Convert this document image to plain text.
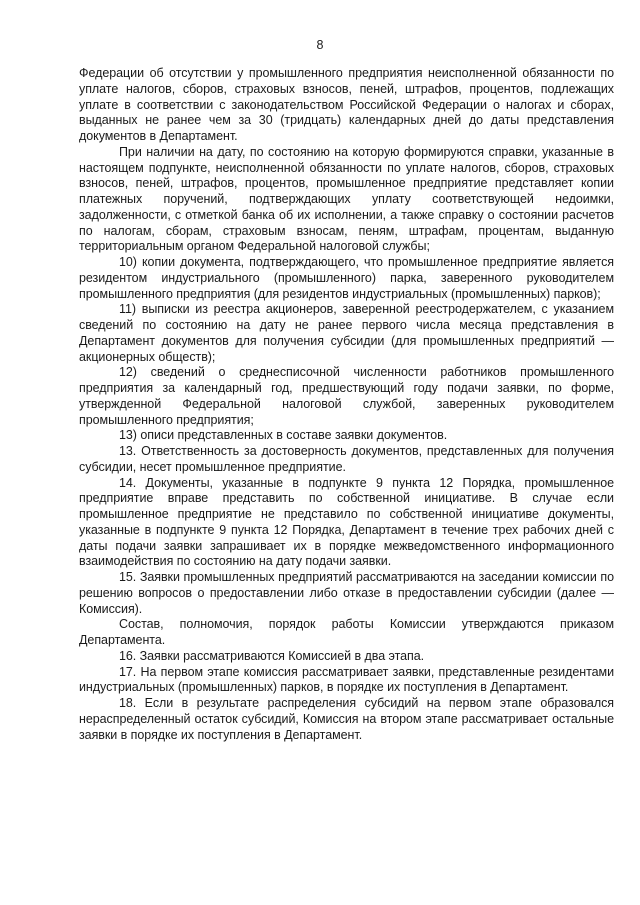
8

Федерации об отсутствии у промышленного предприятия неисполненной обязанности по уплате налогов, сборов, страховых взносов, пеней, штрафов, процентов, подлежащих уплате в соответствии с законодательством Российской Федерации о налогах и сборах, выданных не ранее чем за 30 (тридцать) календарных дней до даты представления документов в Департамент.

При наличии на дату, по состоянию на которую формируются справки, указанные в настоящем подпункте, неисполненной обязанности по уплате налогов, сборов, страховых взносов, пеней, штрафов, процентов, промышленное предприятие представляет копии платежных поручений, подтверждающих уплату соответствующей недоимки, задолженности, с отметкой банка об их исполнении, а также справку о состоянии расчетов по налогам, сборам, страховым взносам, пеням, штрафам, процентам, выданную территориальным органом Федеральной налоговой службы;

10) копии документа, подтверждающего, что промышленное предприятие является резидентом индустриального (промышленного) парка, заверенного руководителем промышленного предприятия (для резидентов индустриальных (промышленных) парков);

11) выписки из реестра акционеров, заверенной реестродержателем, с указанием сведений по состоянию на дату не ранее первого числа месяца представления в Департамент документов для получения субсидии (для промышленных предприятий — акционерных обществ);

12) сведений о среднесписочной численности работников промышленного предприятия за календарный год, предшествующий году подачи заявки, по форме, утвержденной Федеральной налоговой службой, заверенных руководителем промышленного предприятия;

13) описи представленных в составе заявки документов.

13. Ответственность за достоверность документов, представленных для получения субсидии, несет промышленное предприятие.

14. Документы, указанные в подпункте 9 пункта 12 Порядка, промышленное предприятие вправе представить по собственной инициативе. В случае если промышленное предприятие не представило по собственной инициативе документы, указанные в подпункте 9 пункта 12 Порядка, Департамент в течение трех рабочих дней с даты подачи заявки запрашивает их в порядке межведомственного информационного взаимодействия по состоянию на дату подачи заявки.

15. Заявки промышленных предприятий рассматриваются на заседании комиссии по решению вопросов о предоставлении либо отказе в предоставлении субсидии (далее — Комиссия).

Состав, полномочия, порядок работы Комиссии утверждаются приказом Департамента.

16. Заявки рассматриваются Комиссией в два этапа.

17. На первом этапе комиссия рассматривает заявки, представленные резидентами индустриальных (промышленных) парков, в порядке их поступления в Департамент.

18. Если в результате распределения субсидий на первом этапе образовался нераспределенный остаток субсидий, Комиссия на втором этапе рассматривает остальные заявки в порядке их поступления в Департамент.
